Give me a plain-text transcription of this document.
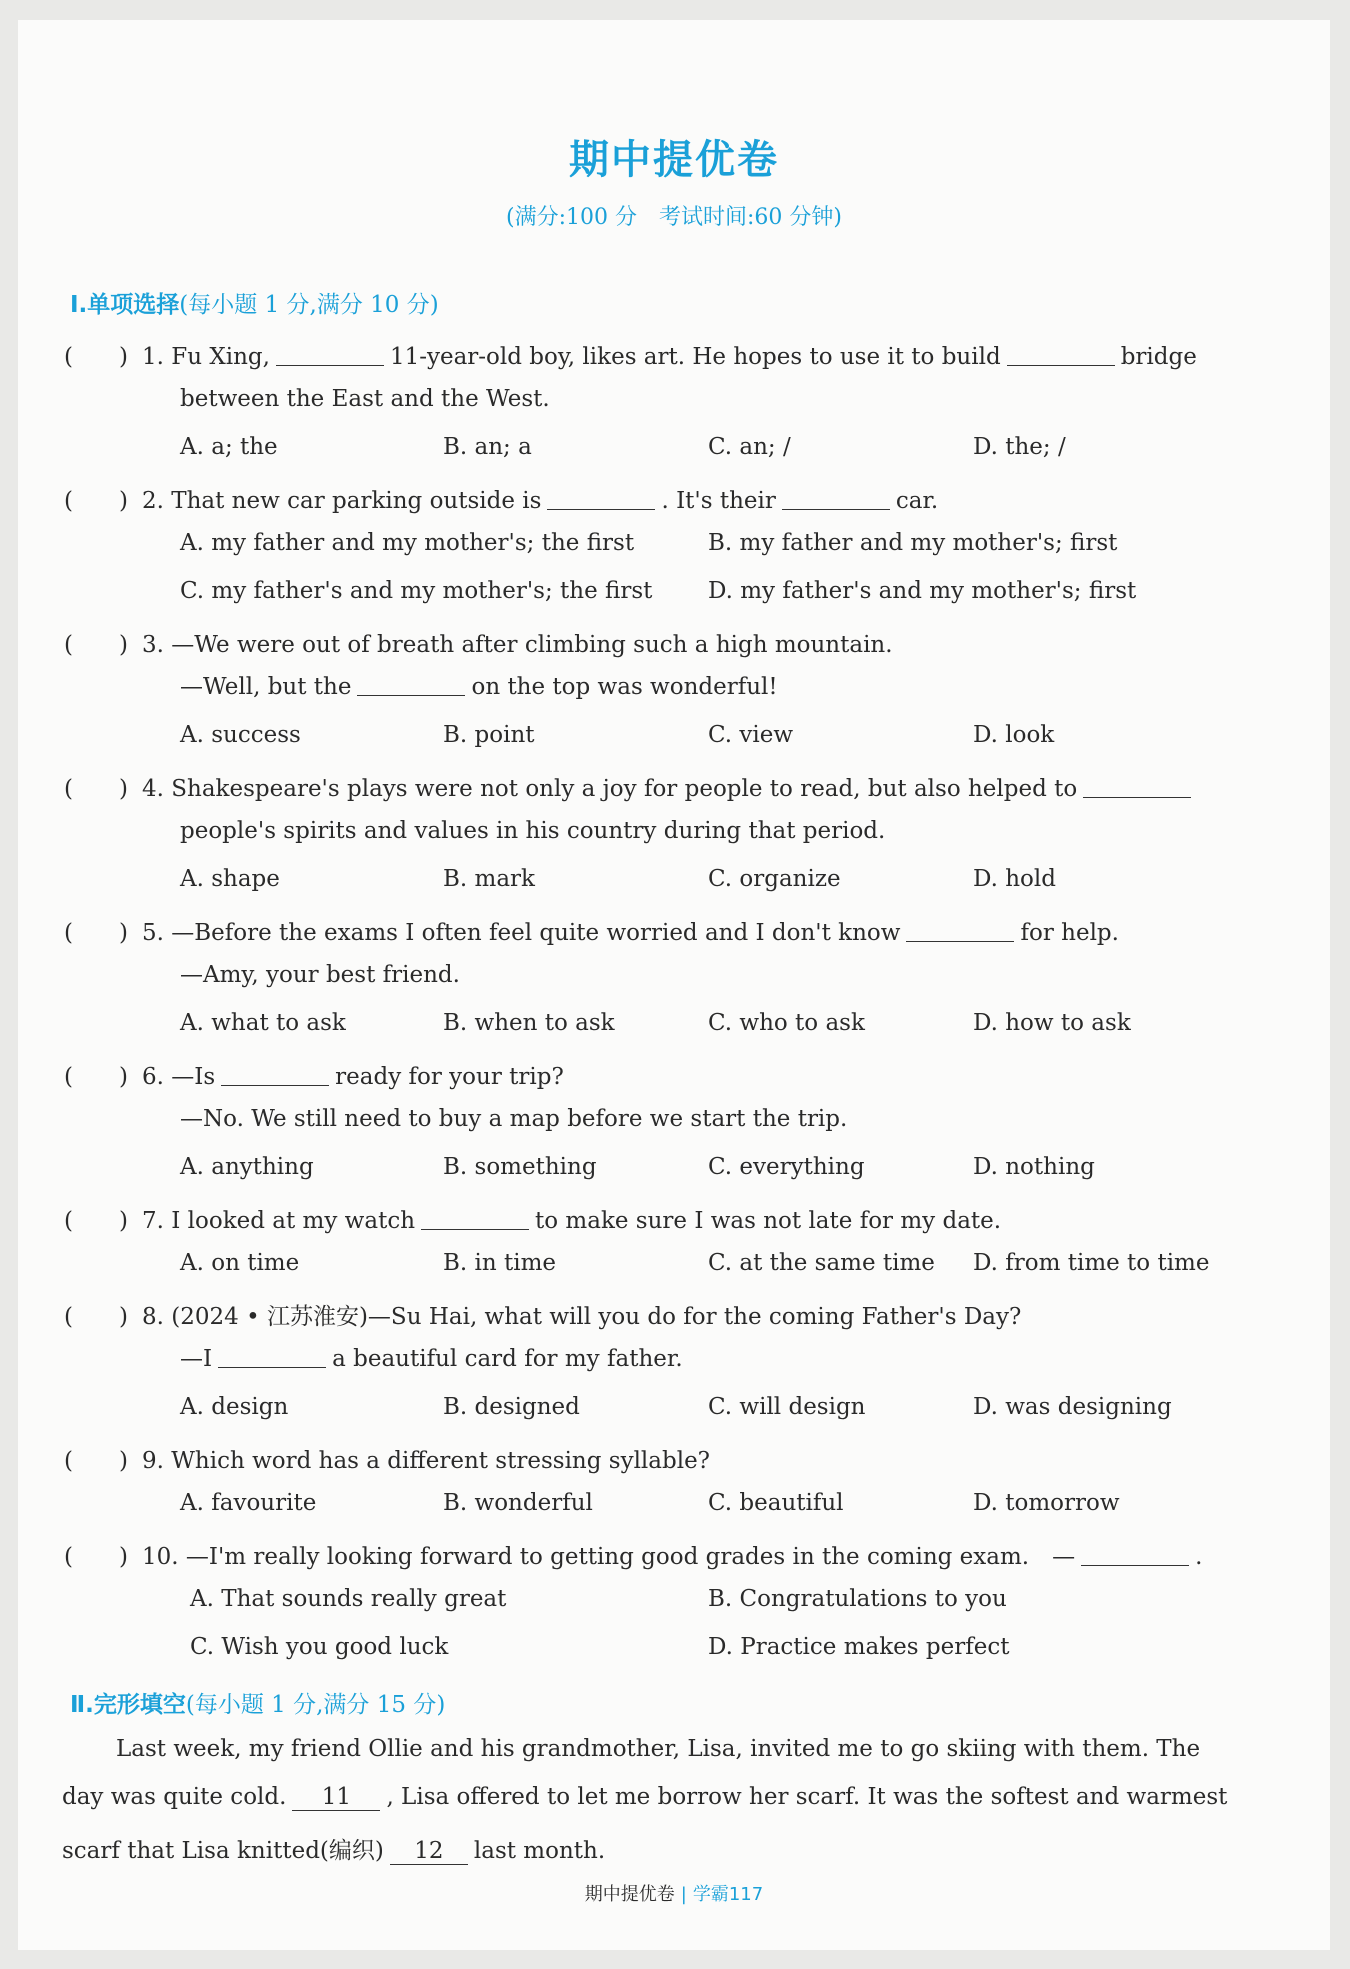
期中提优卷
(满分:100 分　考试时间:60 分钟)
Ⅰ.单项选择(每小题 1 分,满分 10 分)
(　　) 1. Fu Xing,	11-year-old boy, likes art. He hopes to use it to build	bridge
between the East and the West.
A. a; the	B. an; a	C. an; /	D. the; /
(　　) 2. That new car parking outside is	. It's their	car.
A. my father and my mother's; the first	B. my father and my mother's; first
C. my father's and my mother's; the first D. my father's and my mother's; first
(　　) 3. —We were out of breath after climbing such a high mountain.
—Well, but the	on the top was wonderful!
A. success	B. point	C. view	D. look
(　　) 4. Shakespeare's plays were not only a joy for people to read, but also helped to
people's spirits and values in his country during that period.
A. shape	B. mark	C. organize	D. hold
(　　) 5. —Before the exams I often feel quite worried and I don't know	for help.
—Amy, your best friend.
A. what to ask	B. when to ask	C. who to ask	D. how to ask
(　　) 6. —Is	ready for your trip?
—No. We still need to buy a map before we start the trip.
A. anything	B. something	C. everything	D. nothing
(　　) 7. I looked at my watch	to make sure I was not late for my date.
A. on time	B. in time	C. at the same time D. from time to time
(　　) 8. (2024 • 江苏淮安)—Su Hai, what will you do for the coming Father's Day?
—I	a beautiful card for my father.
A. design	B. designed	C. will design	D. was designing
(　　) 9. Which word has a different stressing syllable?
A. favourite	B. wonderful	C. beautiful	D. tomorrow
(　　) 10. —I'm really looking forward to getting good grades in the coming exam.　—	.
A. That sounds really great	B. Congratulations to you
C. Wish you good luck	D. Practice makes perfect
Ⅱ.完形填空(每小题 1 分,满分 15 分)
Last week, my friend Ollie and his grandmother, Lisa, invited me to go skiing with them. The
day was quite cold. 11 , Lisa offered to let me borrow her scarf. It was the softest and warmest
scarf that Lisa knitted(编织) 12 last month.
期中提优卷 | 学霸117
